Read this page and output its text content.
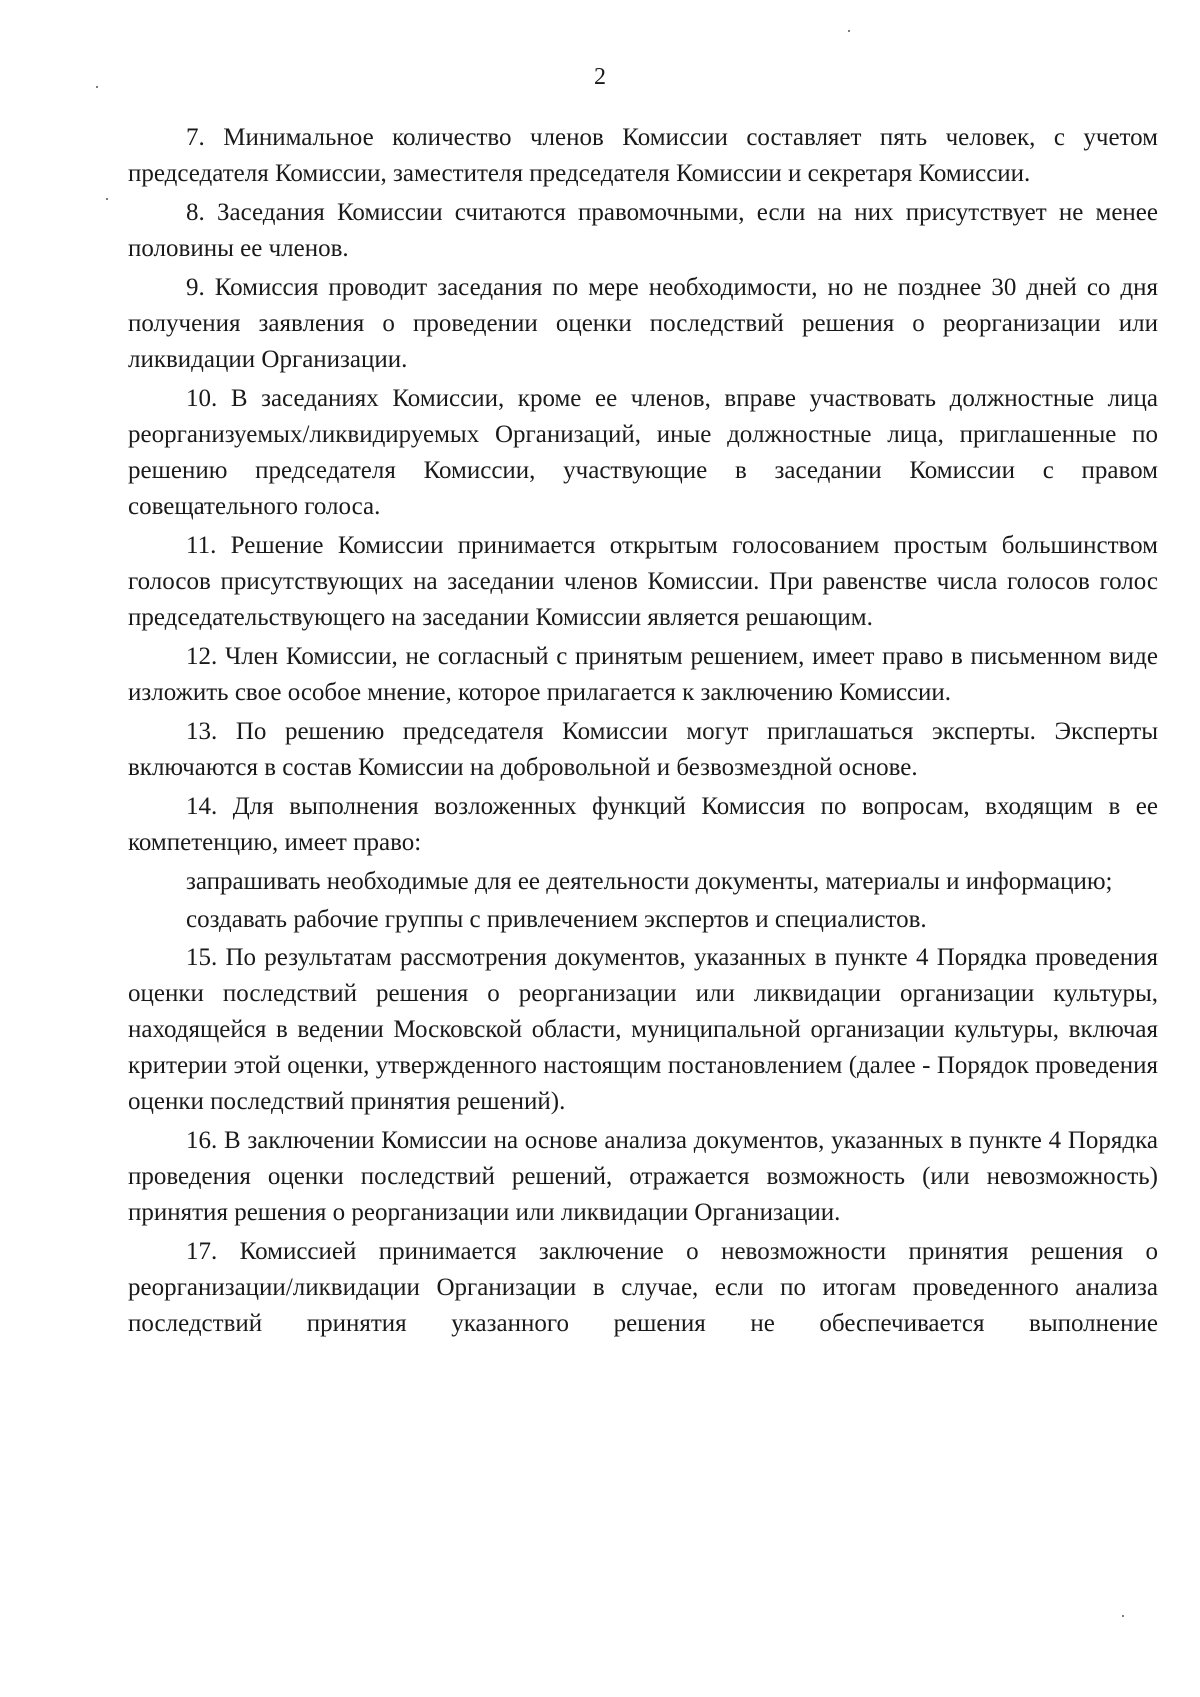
2

7. Минимальное количество членов Комиссии составляет пять человек, с учетом председателя Комиссии, заместителя председателя Комиссии и секретаря Комиссии.

8. Заседания Комиссии считаются правомочными, если на них присутствует не менее половины ее членов.

9. Комиссия проводит заседания по мере необходимости, но не позднее 30 дней со дня получения заявления о проведении оценки последствий решения о реорганизации или ликвидации Организации.

10. В заседаниях Комиссии, кроме ее членов, вправе участвовать должностные лица реорганизуемых/ликвидируемых Организаций, иные должностные лица, приглашенные по решению председателя Комиссии, участвующие в заседании Комиссии с правом совещательного голоса.

11. Решение Комиссии принимается открытым голосованием простым большинством голосов присутствующих на заседании членов Комиссии. При равенстве числа голосов голос председательствующего на заседании Комиссии является решающим.

12. Член Комиссии, не согласный с принятым решением, имеет право в письменном виде изложить свое особое мнение, которое прилагается к заключению Комиссии.

13. По решению председателя Комиссии могут приглашаться эксперты. Эксперты включаются в состав Комиссии на добровольной и безвозмездной основе.

14. Для выполнения возложенных функций Комиссия по вопросам, входящим в ее компетенцию, имеет право:

запрашивать необходимые для ее деятельности документы, материалы и информацию;

создавать рабочие группы с привлечением экспертов и специалистов.

15. По результатам рассмотрения документов, указанных в пункте 4 Порядка проведения оценки последствий решения о реорганизации или ликвидации организации культуры, находящейся в ведении Московской области, муниципальной организации культуры, включая критерии этой оценки, утвержденного настоящим постановлением (далее - Порядок проведения оценки последствий принятия решений).

16. В заключении Комиссии на основе анализа документов, указанных в пункте 4 Порядка проведения оценки последствий решений, отражается возможность (или невозможность) принятия решения о реорганизации или ликвидации Организации.

17. Комиссией принимается заключение о невозможности принятия решения о реорганизации/ликвидации Организации в случае, если по итогам проведенного анализа последствий принятия указанного решения не обеспечивается выполнение
